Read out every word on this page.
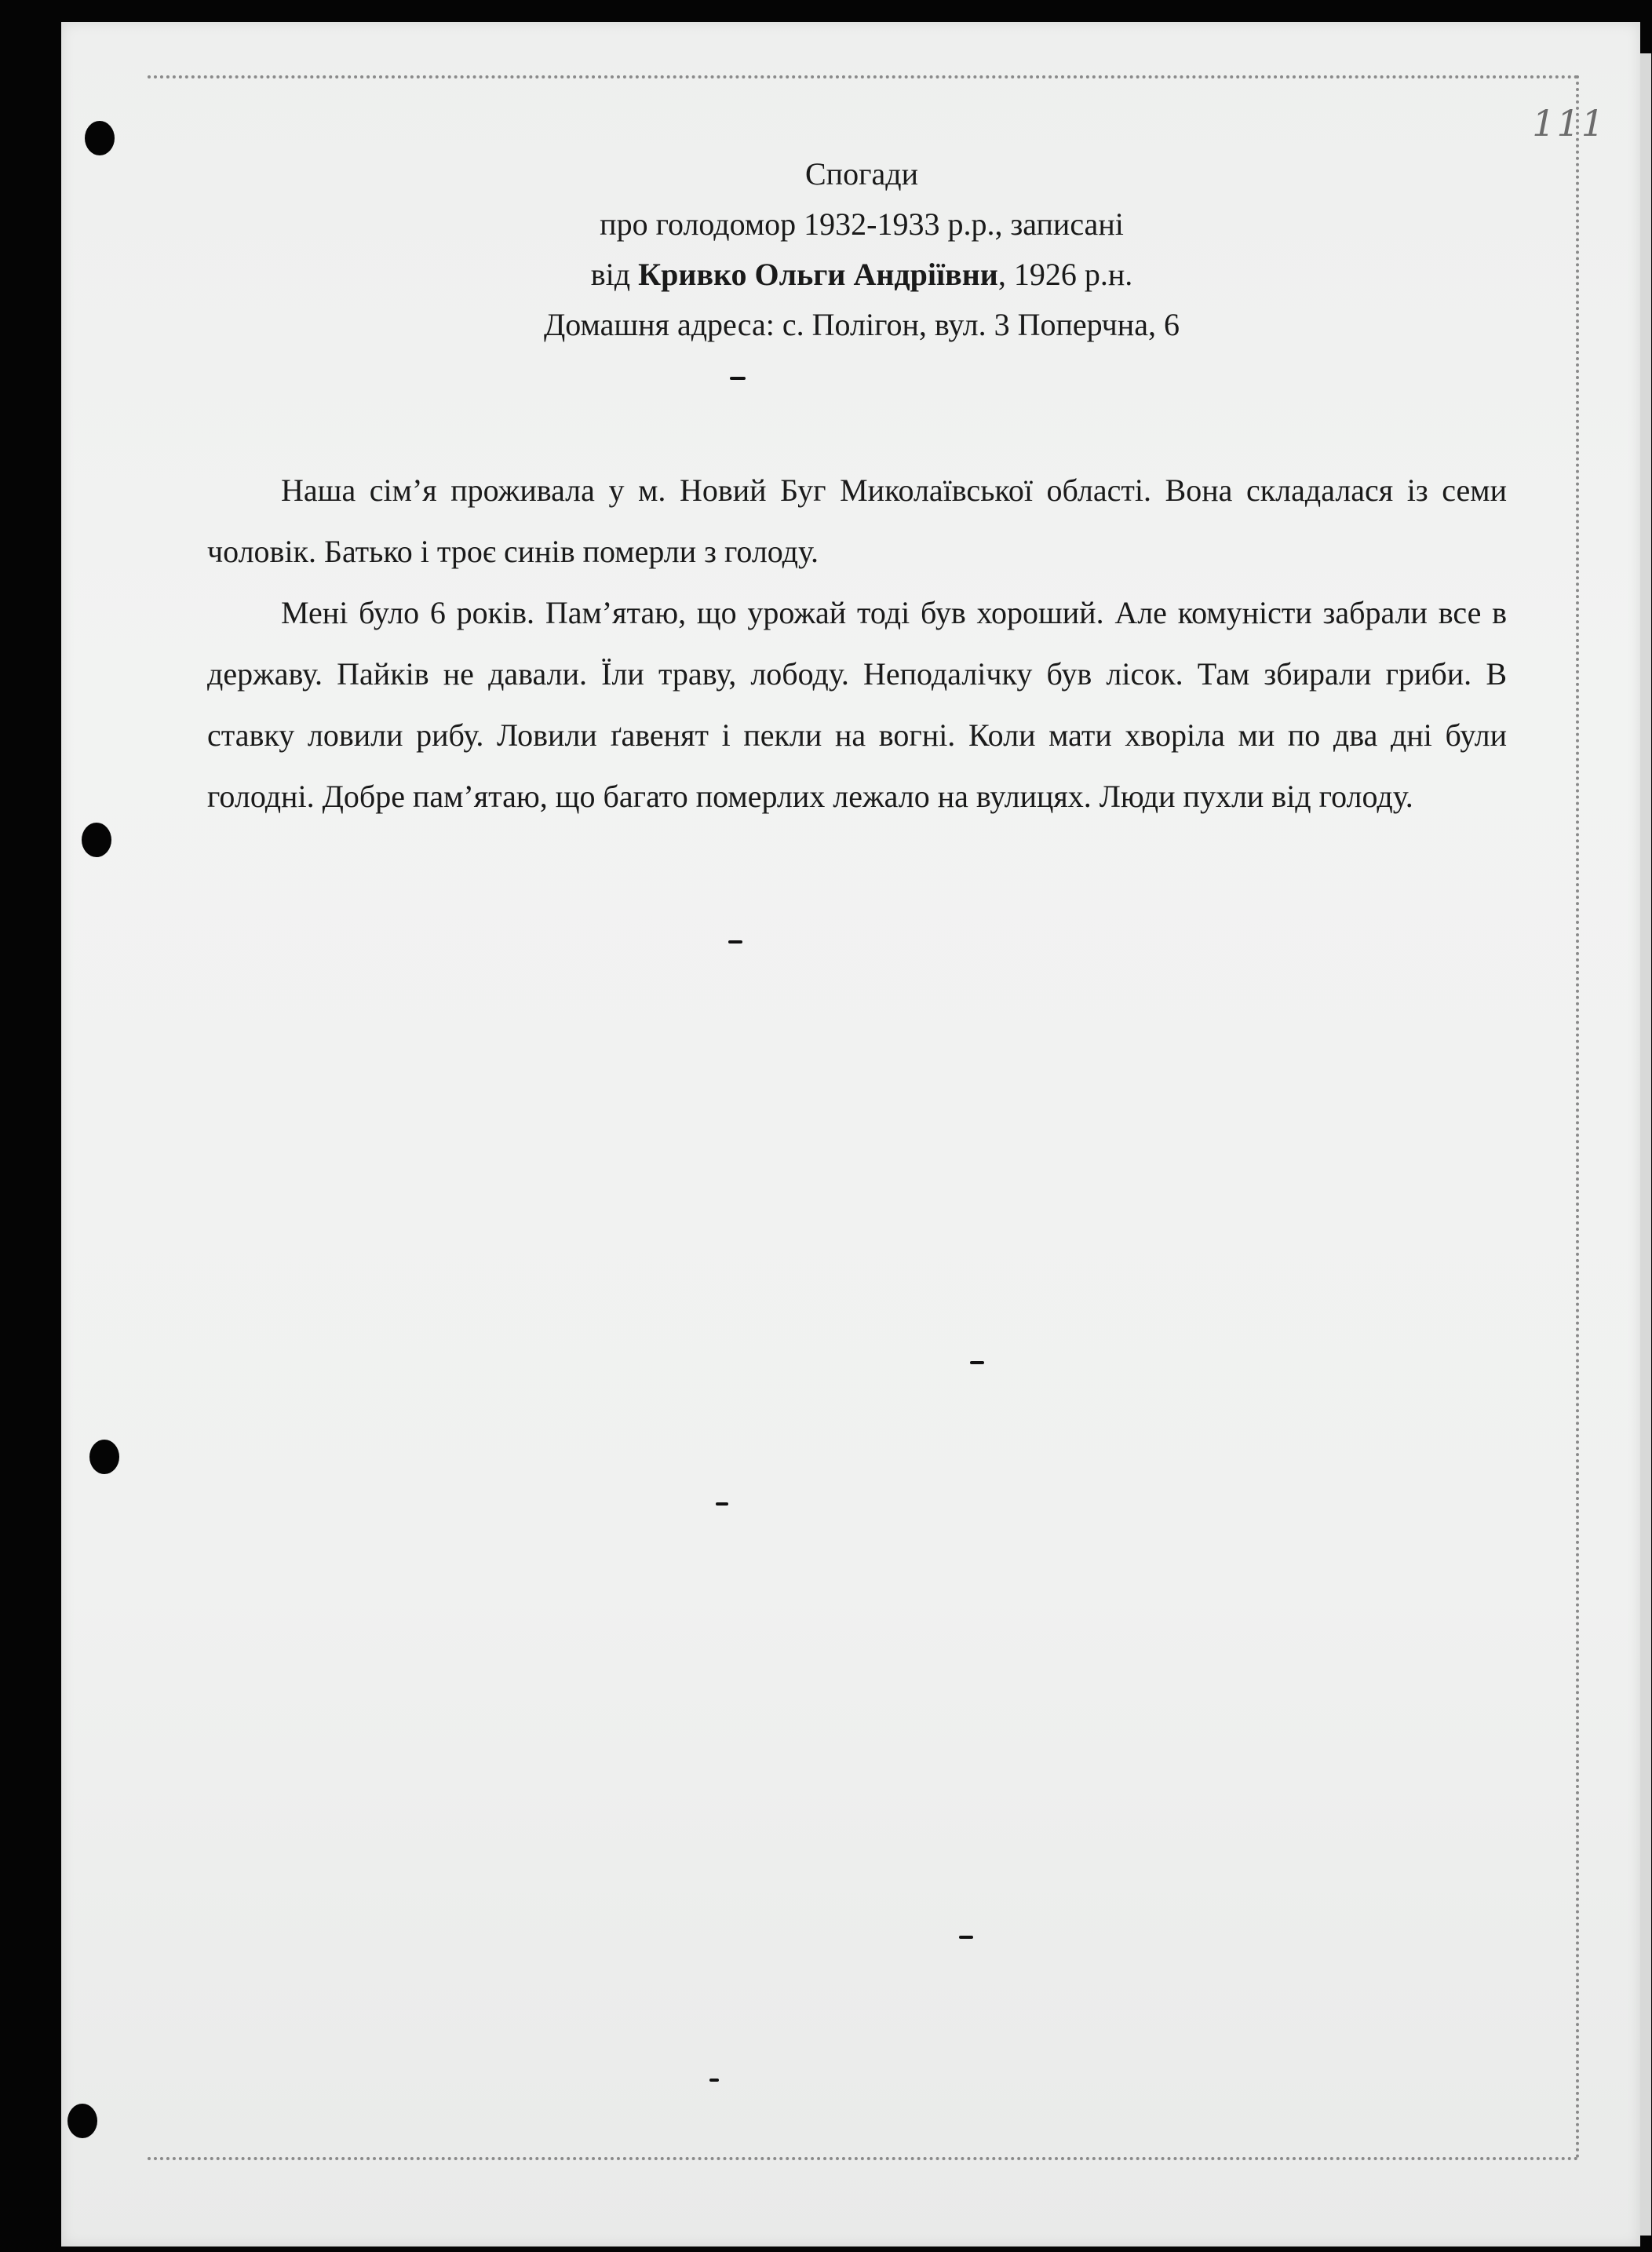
111
Спогади
про голодомор 1932-1933 р.р., записані
від Кривко Ольги Андріївни, 1926 р.н.
Домашня адреса: с. Полігон, вул. 3 Поперчна, 6

Наша сім’я проживала у м. Новий Буг Миколаївської області. Вона складалася із семи чоловік. Батько і троє синів померли з голоду.

Мені було 6 років. Пам’ятаю, що урожай тоді був хороший. Але комуністи забрали все в державу. Пайків не давали. Їли траву, лободу. Неподалічку був лісок. Там збирали гриби. В ставку ловили рибу. Ловили ґавенят і пекли на вогні. Коли мати хворіла ми по два дні були голодні. Добре пам’ятаю, що багато померлих лежало на вулицях. Люди пухли від голоду.
